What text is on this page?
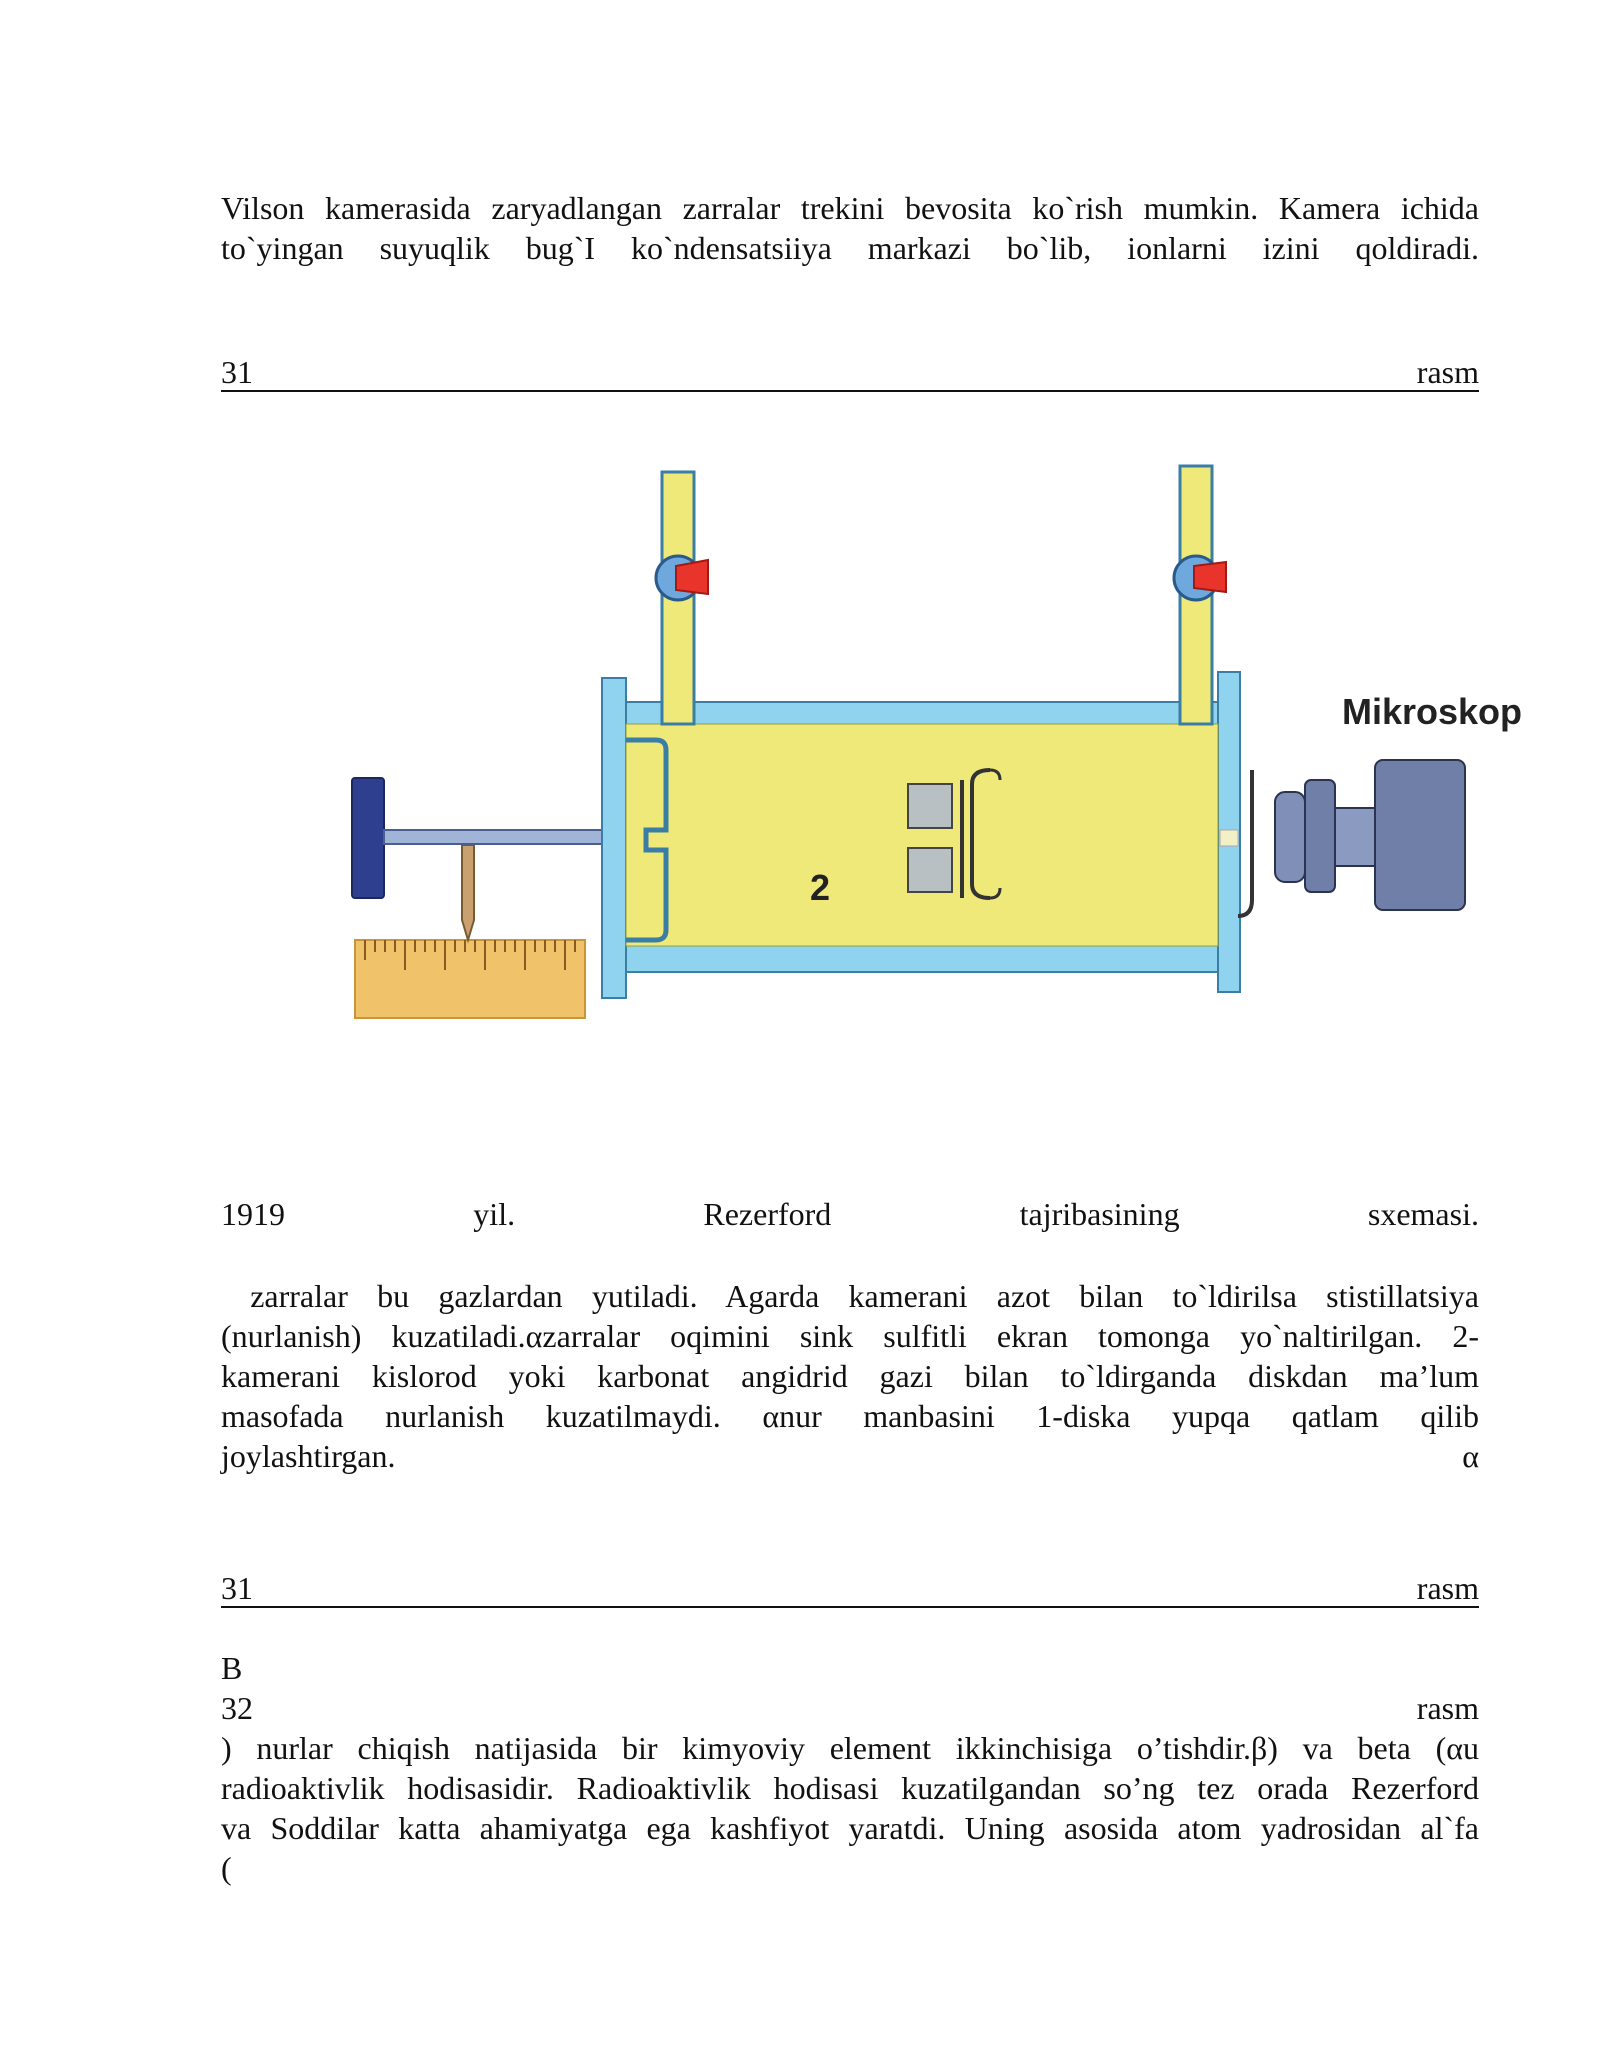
Vilson kamerasida zaryadlangan zarralar trekini bevosita ko`rish mumkin. Kamera ichida to`yingan suyuqlik bug`I ko`ndensatsiiya markazi bo`lib, ionlarni izini qoldiradi.
31	rasm
Mikroskop
2
1919	yil.	Rezerford	tajribasining	sxemasi.
zarralar bu gazlardan yutiladi. Agarda kamerani azot bilan to`ldirilsa stistillatsiya
(nurlanish) kuzatiladi.αzarralar oqimini sink sulfitli ekran tomonga yo`naltirilgan. 2-
kamerani kislorod yoki karbonat angidrid gazi bilan to`ldirganda diskdan ma’lum
masofada nurlanish kuzatilmaydi. αnur manbasini 1-diska yupqa qatlam qilib
joylashtirgan.	α
31	rasm
B
32	rasm
) nurlar chiqish natijasida bir kimyoviy element ikkinchisiga o’tishdir.β) va beta (αu
radioaktivlik hodisasidir. Radioaktivlik hodisasi kuzatilgandan so’ng tez orada Rezerford
va Soddilar katta ahamiyatga ega kashfiyot yaratdi. Uning asosida atom yadrosidan al`fa
(
